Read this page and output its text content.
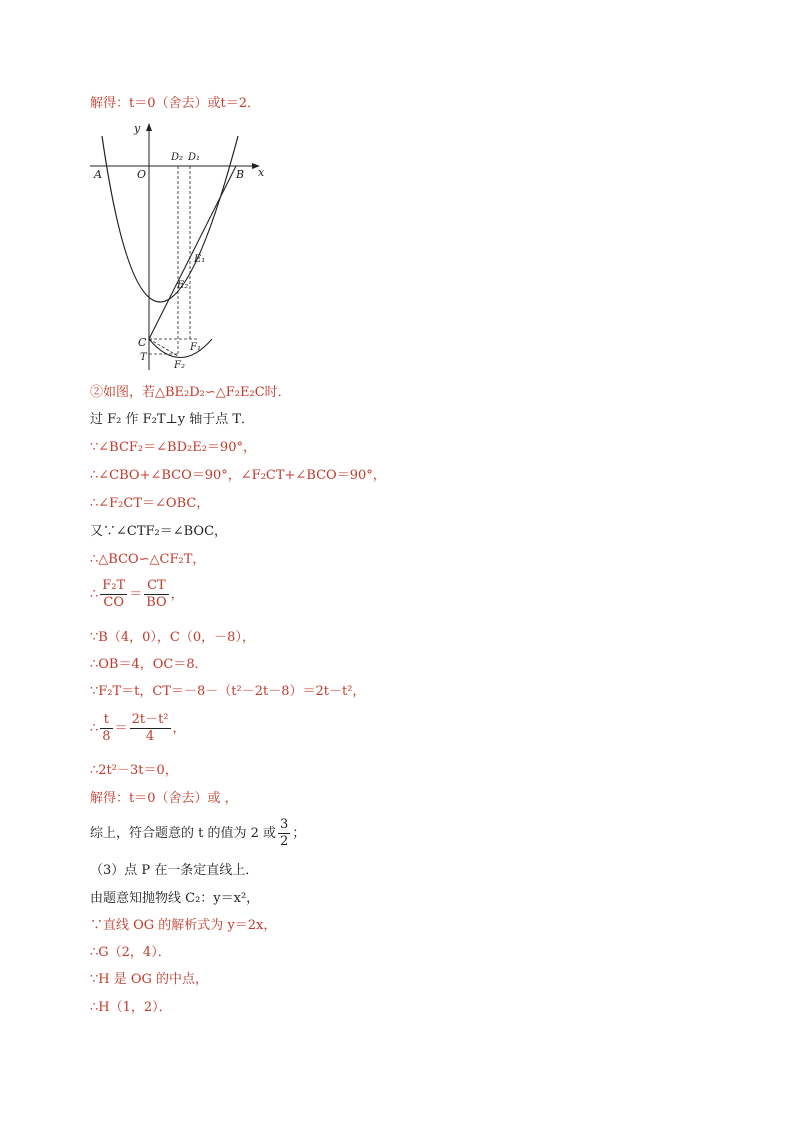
解得：t＝0（舍去）或t＝2．
y
x
A	O	B
D₂ D₁
E₁
E₂
C
T
F₁
F₂
②如图，若△BE₂D₂∽△F₂E₂C时．
过 F₂ 作 F₂T⊥y 轴于点 T．
∵∠BCF₂＝∠BD₂E₂＝90°，
∴∠CBO+∠BCO＝90°，∠F₂CT+∠BCO＝90°，
∴∠F₂CT＝∠OBC，
又∵∠CTF₂＝∠BOC，
∴△BCO∽△CF₂T，
∴ $\frac{\text{F₂T}}{CO} = \frac{CT}{BO}$ ，
∵B（4，0），C（0，－8），
∴OB＝4，OC＝8．
∵F₂T＝t，CT＝－8－（t²－2t－8）＝2t－t²，
∴ $\frac{t}{8} = \frac{\text{2t－t²}}{4}$ ，
∴2t²－3t＝0，
解得：t＝0（舍去）或 ，
综上，符合题意的 t 的值为 2 或 $\frac{3}{2}$ ；
（3）点 P 在一条定直线上．
由题意知抛物线 C₂：y＝x²，
∵直线 OG 的解析式为 y＝2x，
∴G（2，4）．
∵H 是 OG 的中点，
∴H（1，2）．
